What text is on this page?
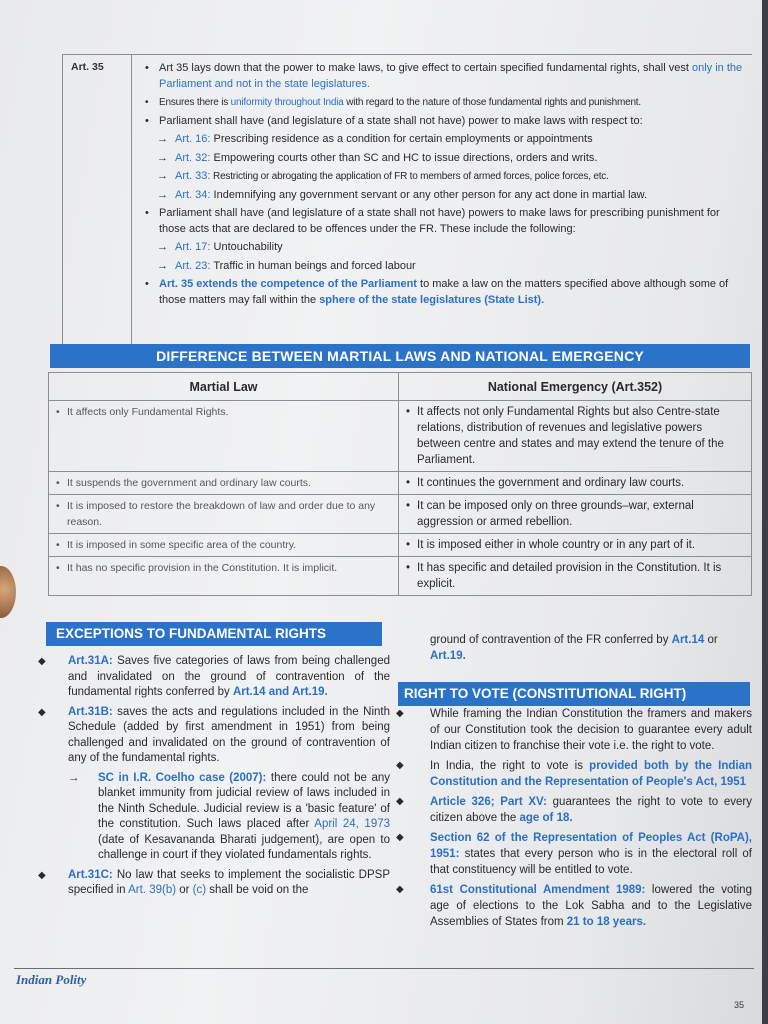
Art. 35	• Art 35 lays down that the power to make laws, to give effect to certain specified fundamental rights, shall vest only in the Parliament and not in the state legislatures.
• Ensures there is uniformity throughout India with regard to the nature of those fundamental rights and punishment.
• Parliament shall have (and legislature of a state shall not have) power to make laws with respect to:
→ Art. 16: Prescribing residence as a condition for certain employments or appointments
→ Art. 32: Empowering courts other than SC and HC to issue directions, orders and writs.
→ Art. 33: Restricting or abrogating the application of FR to members of armed forces, police forces, etc.
→ Art. 34: Indemnifying any government servant or any other person for any act done in martial law.
• Parliament shall have (and legislature of a state shall not have) powers to make laws for prescribing punishment for those acts that are declared to be offences under the FR. These include the following:
→ Art. 17: Untouchability
→ Art. 23: Traffic in human beings and forced labour
• Art. 35 extends the competence of the Parliament to make a law on the matters specified above although some of those matters may fall within the sphere of the state legislatures (State List).
DIFFERENCE BETWEEN MARTIAL LAWS AND NATIONAL EMERGENCY
Martial Law	National Emergency (Art.352)
• It affects only Fundamental Rights.	• It affects not only Fundamental Rights but also Centre-state relations, distribution of revenues and legislative powers between centre and states and may extend the tenure of the Parliament.
• It suspends the government and ordinary law courts.	• It continues the government and ordinary law courts.
• It is imposed to restore the breakdown of law and order due to any reason.	• It can be imposed only on three grounds–war, external aggression or armed rebellion.
• It is imposed in some specific area of the country.	• It is imposed either in whole country or in any part of it.
• It has no specific provision in the Constitution. It is implicit.	• It has specific and detailed provision in the Constitution. It is explicit.
EXCEPTIONS TO FUNDAMENTAL RIGHTS
◆ Art.31A: Saves five categories of laws from being challenged and invalidated on the ground of contravention of the fundamental rights conferred by Art.14 and Art.19.
◆ Art.31B: saves the acts and regulations included in the Ninth Schedule (added by first amendment in 1951) from being challenged and invalidated on the ground of contravention of any of the fundamental rights.
→ SC in I.R. Coelho case (2007): there could not be any blanket immunity from judicial review of laws included in the Ninth Schedule. Judicial review is a 'basic feature' of the constitution. Such laws placed after April 24, 1973 (date of Kesavananda Bharati judgement), are open to challenge in court if they violated fundamentals rights.
◆ Art.31C: No law that seeks to implement the socialistic DPSP specified in Art. 39(b) or (c) shall be void on the
ground of contravention of the FR conferred by Art.14 or Art.19.
RIGHT TO VOTE (CONSTITUTIONAL RIGHT)
◆ While framing the Indian Constitution the framers and makers of our Constitution took the decision to guarantee every adult Indian citizen to franchise their vote i.e. the right to vote.
◆ In India, the right to vote is provided both by the Indian Constitution and the Representation of People's Act, 1951
◆ Article 326; Part XV: guarantees the right to vote to every citizen above the age of 18.
◆ Section 62 of the Representation of Peoples Act (RoPA), 1951: states that every person who is in the electoral roll of that constituency will be entitled to vote.
◆ 61st Constitutional Amendment 1989: lowered the voting age of elections to the Lok Sabha and to the Legislative Assemblies of States from 21 to 18 years.
Indian Polity
35
